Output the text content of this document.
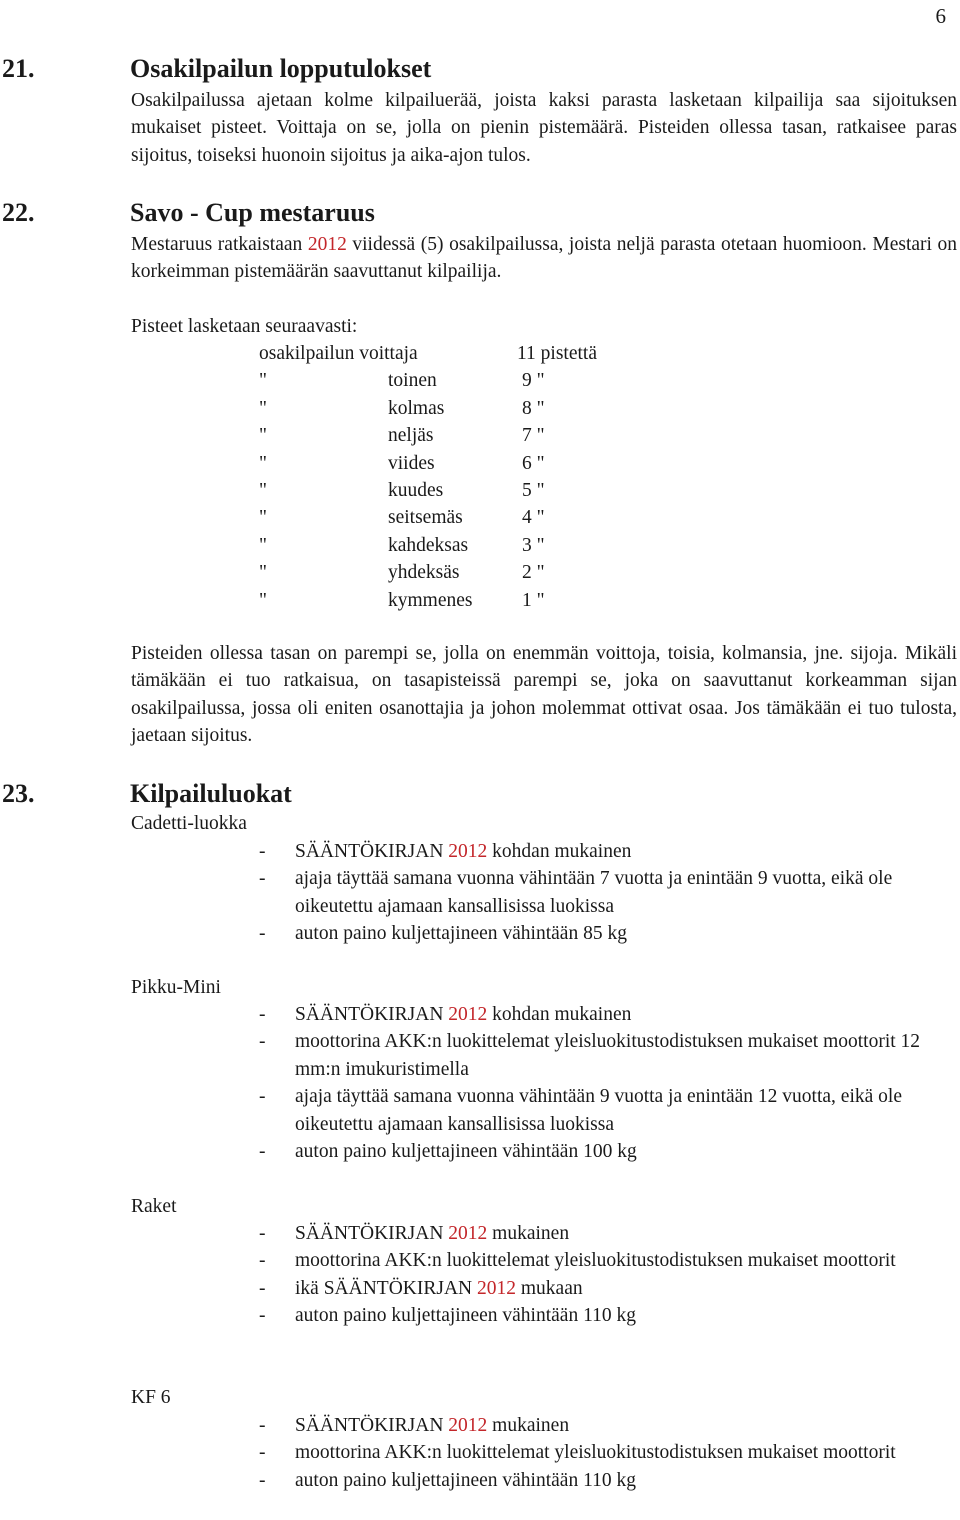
6
21.	Osakilpailun lopputulokset

Osakilpailussa ajetaan kolme kilpailuerää, joista kaksi parasta lasketaan kilpailija saa sijoituksen mukaiset pisteet. Voittaja on se, jolla on pienin pistemäärä. Pisteiden ollessa tasan, ratkaisee paras sijoitus, toiseksi huonoin sijoitus ja aika-ajon tulos.

22.	Savo - Cup mestaruus

Mestaruus ratkaistaan 2012 viidessä (5) osakilpailussa, joista neljä parasta otetaan huomioon. Mestari on korkeimman pistemäärän saavuttanut kilpailija.

Pisteet lasketaan seuraavasti:

osakilpailun voittaja	11 pistettä
"	toinen	9 "
"	kolmas	8 "
"	neljäs	7 "
"	viides	6 "
"	kuudes	5 "
"	seitsemäs	4 "
"	kahdeksas	3 "
"	yhdeksäs	2 "
"	kymmenes	1 "

Pisteiden ollessa tasan on parempi se, jolla on enemmän voittoja, toisia, kolmansia, jne. sijoja. Mikäli tämäkään ei tuo ratkaisua, on tasapisteissä parempi se, joka on saavuttanut korkeamman sijan osakilpailussa, jossa oli eniten osanottajia ja johon molemmat ottivat osaa. Jos tämäkään ei tuo tulosta, jaetaan sijoitus.

23.	Kilpailuluokat
Cadetti-luokka
- SÄÄNTÖKIRJAN 2012 kohdan mukainen
- ajaja täyttää samana vuonna vähintään 7 vuotta ja enintään 9 vuotta, eikä ole oikeutettu ajamaan kansallisissa luokissa
- auton paino kuljettajineen vähintään 85 kg
Pikku-Mini
- SÄÄNTÖKIRJAN 2012 kohdan mukainen
- moottorina AKK:n luokittelemat yleisluokitustodistuksen mukaiset moottorit 12 mm:n imukuristimella
- ajaja täyttää samana vuonna vähintään 9 vuotta ja enintään 12 vuotta, eikä ole oikeutettu ajamaan kansallisissa luokissa
- auton paino kuljettajineen vähintään 100 kg
Raket
- SÄÄNTÖKIRJAN 2012 mukainen
- moottorina AKK:n luokittelemat yleisluokitustodistuksen mukaiset moottorit
- ikä SÄÄNTÖKIRJAN 2012 mukaan
- auton paino kuljettajineen vähintään 110 kg
KF 6
- SÄÄNTÖKIRJAN 2012 mukainen
- moottorina AKK:n luokittelemat yleisluokitustodistuksen mukaiset moottorit
- auton paino kuljettajineen vähintään 110 kg
